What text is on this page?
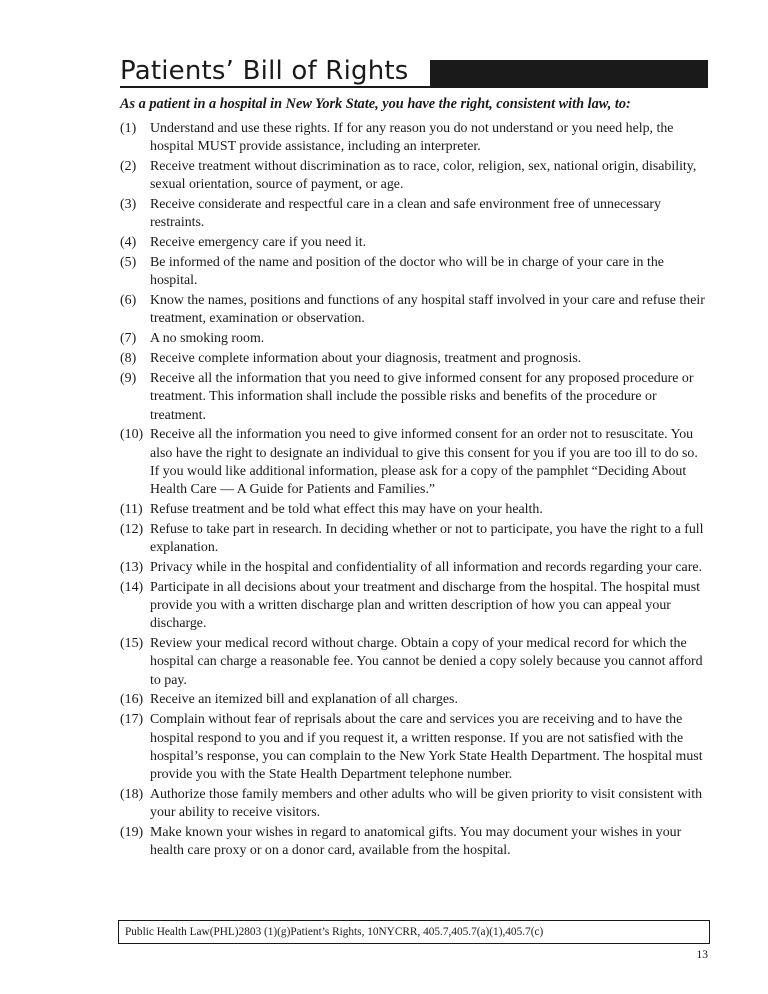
Patients’ Bill of Rights

As a patient in a hospital in New York State, you have the right, consistent with law, to:

(1) Understand and use these rights. If for any reason you do not understand or you need help, the hospital MUST provide assistance, including an interpreter.
(2) Receive treatment without discrimination as to race, color, religion, sex, national origin, disability, sexual orientation, source of payment, or age.
(3) Receive considerate and respectful care in a clean and safe environment free of unnecessary restraints.
(4) Receive emergency care if you need it.
(5) Be informed of the name and position of the doctor who will be in charge of your care in the hospital.
(6) Know the names, positions and functions of any hospital staff involved in your care and refuse their treatment, examination or observation.
(7) A no smoking room.
(8) Receive complete information about your diagnosis, treatment and prognosis.
(9) Receive all the information that you need to give informed consent for any proposed procedure or treatment. This information shall include the possible risks and benefits of the procedure or treatment.
(10) Receive all the information you need to give informed consent for an order not to resuscitate. You also have the right to designate an individual to give this consent for you if you are too ill to do so. If you would like additional information, please ask for a copy of the pamphlet “Deciding About Health Care — A Guide for Patients and Families.”
(11) Refuse treatment and be told what effect this may have on your health.
(12) Refuse to take part in research. In deciding whether or not to participate, you have the right to a full explanation.
(13) Privacy while in the hospital and confidentiality of all information and records regarding your care.
(14) Participate in all decisions about your treatment and discharge from the hospital. The hospital must provide you with a written discharge plan and written description of how you can appeal your discharge.
(15) Review your medical record without charge. Obtain a copy of your medical record for which the hospital can charge a reasonable fee. You cannot be denied a copy solely because you cannot afford to pay.
(16) Receive an itemized bill and explanation of all charges.
(17) Complain without fear of reprisals about the care and services you are receiving and to have the hospital respond to you and if you request it, a written response. If you are not satisfied with the hospital’s response, you can complain to the New York State Health Department. The hospital must provide you with the State Health Department telephone number.
(18) Authorize those family members and other adults who will be given priority to visit consistent with your ability to receive visitors.
(19) Make known your wishes in regard to anatomical gifts. You may document your wishes in your health care proxy or on a donor card, available from the hospital.
Public Health Law(PHL)2803 (1)(g)Patient’s Rights, 10NYCRR, 405.7,405.7(a)(1),405.7(c)
13
